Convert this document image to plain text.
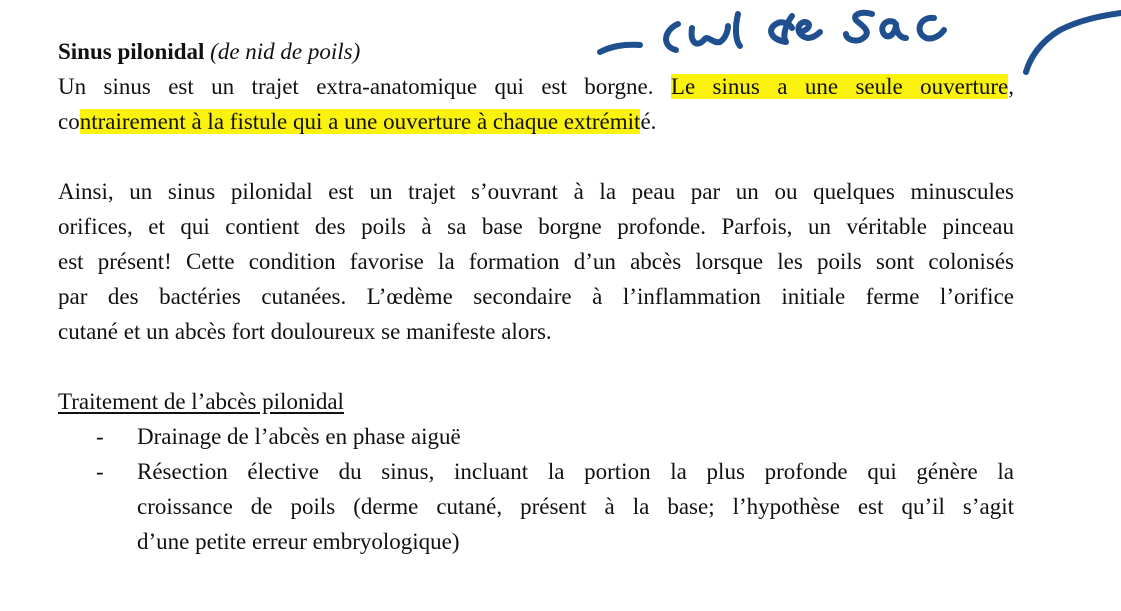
Sinus pilonidal (de nid de poils)
Un sinus est un trajet extra-anatomique qui est borgne. Le sinus a une seule ouverture,
contrairement à la fistule qui a une ouverture à chaque extrémité.
Ainsi, un sinus pilonidal est un trajet s’ouvrant à la peau par un ou quelques minuscules
orifices, et qui contient des poils à sa base borgne profonde. Parfois, un véritable pinceau
est présent! Cette condition favorise la formation d’un abcès lorsque les poils sont colonisés
par des bactéries cutanées. L’œdème secondaire à l’inflammation initiale ferme l’orifice
cutané et un abcès fort douloureux se manifeste alors.
Traitement de l’abcès pilonidal
- Drainage de l’abcès en phase aiguë
- Résection élective du sinus, incluant la portion la plus profonde qui génère la
croissance de poils (derme cutané, présent à la base; l’hypothèse est qu’il s’agit
d’une petite erreur embryologique)
